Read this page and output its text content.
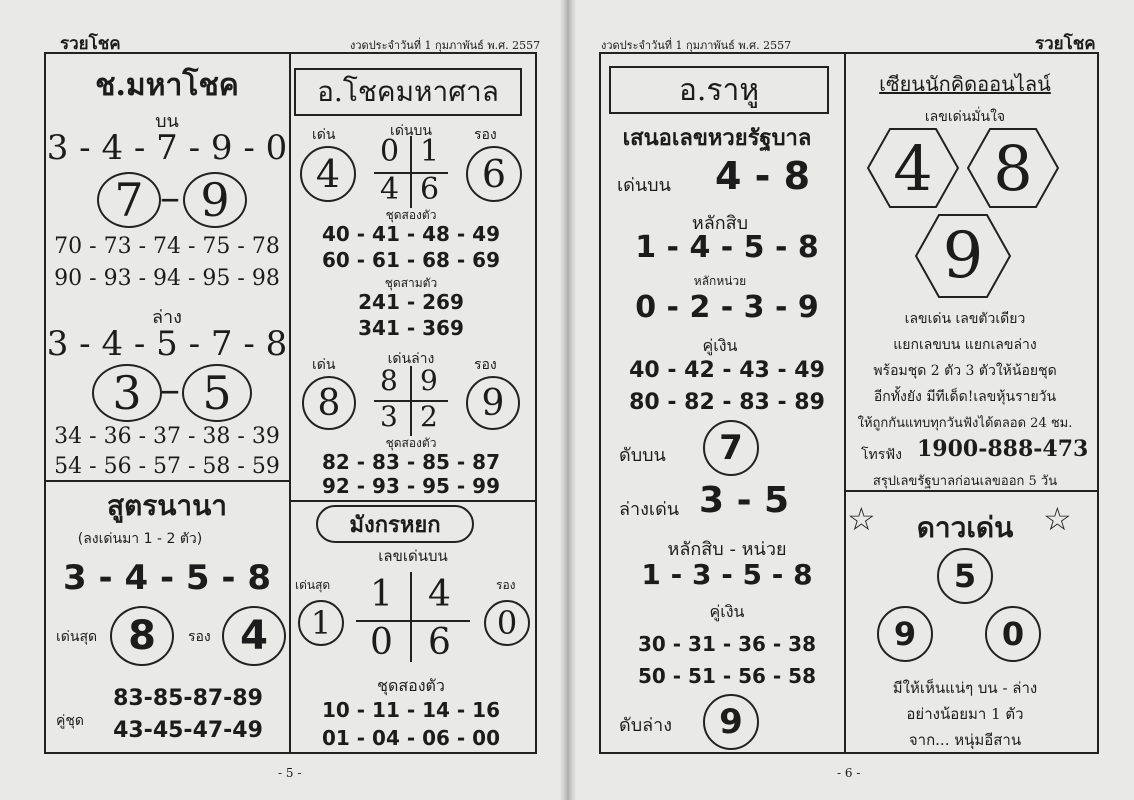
รวยโชค	งวดประจำวันที่ 1 กุมภาพันธ์ พ.ศ. 2557
- 5 -
ช.มหาโชค
บน
3 - 4 - 7 - 9 - 0
7 – 9
70 - 73 - 74 - 75 - 78
90 - 93 - 94 - 95 - 98
ล่าง
3 - 4 - 5 - 7 - 8
3 – 5
34 - 36 - 37 - 38 - 39
54 - 56 - 57 - 58 - 59
สูตรนานา
(ลงเด่นมา 1 - 2 ตัว)
3 - 4 - 5 - 8
เด่นสุด 8 รอง 4
83-85-87-89
คู่ชุด 43-45-47-49
อ.โชคมหาศาล
เด่น	เด่นบน	รอง
4	6
0 1
4 6
ชุดสองตัว
40 - 41 - 48 - 49
60 - 61 - 68 - 69
ชุดสามตัว
241 - 269
341 - 369
เด่น	เด่นล่าง	รอง
8	9
8 9
3 2
ชุดสองตัว
82 - 83 - 85 - 87
92 - 93 - 95 - 99
มังกรหยก
เลขเด่นบน
เด่นสุด	รอง
1	0
1 4
0 6
ชุดสองตัว
10 - 11 - 14 - 16
01 - 04 - 06 - 00
งวดประจำวันที่ 1 กุมภาพันธ์ พ.ศ. 2557	รวยโชค
- 6 -
อ.ราหู
เสนอเลขหวยรัฐบาล
เด่นบน 4 - 8
หลักสิบ
1 - 4 - 5 - 8
หลักหน่วย
0 - 2 - 3 - 9
คู่เงิน
40 - 42 - 43 - 49
80 - 82 - 83 - 89
ดับบน 7
ล่างเด่น 3 - 5
หลักสิบ - หน่วย
1 - 3 - 5 - 8
คู่เงิน
30 - 31 - 36 - 38
50 - 51 - 56 - 58
ดับล่าง 9
เซียนนักคิดออนไลน์
เลขเด่นมั่นใจ
4 8
9
เลขเด่น เลขตัวเดียว
แยกเลขบน แยกเลขล่าง
พร้อมชุด 2 ตัว 3 ตัวให้น้อยชุด
อีกทั้งยัง มีทีเด็ด!เลขหุ้นรายวัน
ให้ถูกกันแทบทุกวันฟังได้ตลอด 24 ชม.
โทรฟัง 1900-888-473
สรุปเลขรัฐบาลก่อนเลขออก 5 วัน
☆ ดาวเด่น ☆
5
9	0
มีให้เห็นแน่ๆ บน - ล่าง
อย่างน้อยมา 1 ตัว
จาก... หนุ่มอีสาน
